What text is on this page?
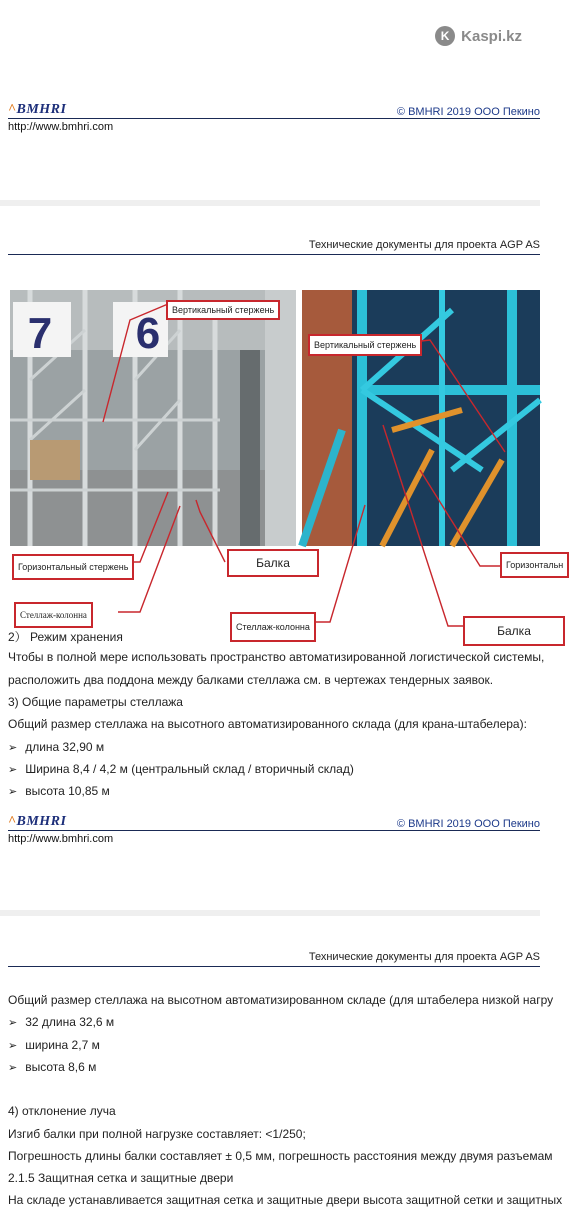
K Kaspi.kz
^BMHRI	© BMHRI 2019 ООО Пекино
http://www.bmhri.com
Технические документы для проекта AGP AS
7 6	Вертикальный стержень
Горизонтальный стержень	Балка
Стеллаж-колонна
Вертикальный стержень
Горизонтальн
Стеллаж-колонна	Балка
2） Режим хранения
Чтобы в полной мере использовать пространство автоматизированной логистической системы,
расположить два поддона между балками стеллажа см. в чертежах тендерных заявок.
3) Общие параметры стеллажа
Общий размер стеллажа на высотного автоматизированного склада (для крана-штабелера):
➢ длина 32,90 м
➢ Ширина 8,4 / 4,2 м (центральный склад / вторичный склад)
➢ высота 10,85 м
^BMHRI	© BMHRI 2019 ООО Пекино
http://www.bmhri.com
Технические документы для проекта AGP AS
Общий размер стеллажа на высотном автоматизированном складе (для штабелера низкой нагру
➢ 32 длина 32,6 м
➢ ширина 2,7 м
➢ высота 8,6 м
4) отклонение луча
Изгиб балки при полной нагрузке составляет: <1/250;
Погрешность длины балки составляет ± 0,5 мм, погрешность расстояния между двумя разъемам
2.1.5 Защитная сетка и защитные двери
На складе устанавливается защитная сетка и защитные двери высота защитной сетки и защитных
